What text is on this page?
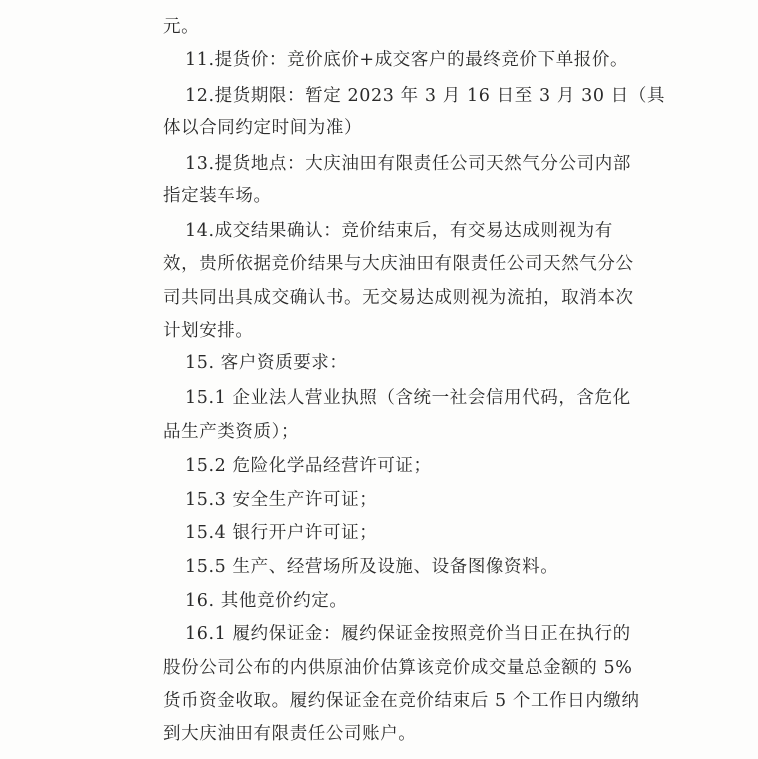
元。
11.提货价：竞价底价+成交客户的最终竞价下单报价。
12.提货期限：暂定 2023 年 3 月 16 日至 3 月 30 日（具
体以合同约定时间为准）
13.提货地点：大庆油田有限责任公司天然气分公司内部
指定装车场。
14.成交结果确认：竞价结束后，有交易达成则视为有
效，贵所依据竞价结果与大庆油田有限责任公司天然气分公
司共同出具成交确认书。无交易达成则视为流拍，取消本次
计划安排。
15. 客户资质要求：
15.1 企业法人营业执照（含统一社会信用代码，含危化
品生产类资质）；
15.2 危险化学品经营许可证；
15.3 安全生产许可证；
15.4 银行开户许可证；
15.5 生产、经营场所及设施、设备图像资料。
16. 其他竞价约定。
16.1 履约保证金：履约保证金按照竞价当日正在执行的
股份公司公布的内供原油价估算该竞价成交量总金额的 5%
货币资金收取。履约保证金在竞价结束后 5 个工作日内缴纳
到大庆油田有限责任公司账户。
